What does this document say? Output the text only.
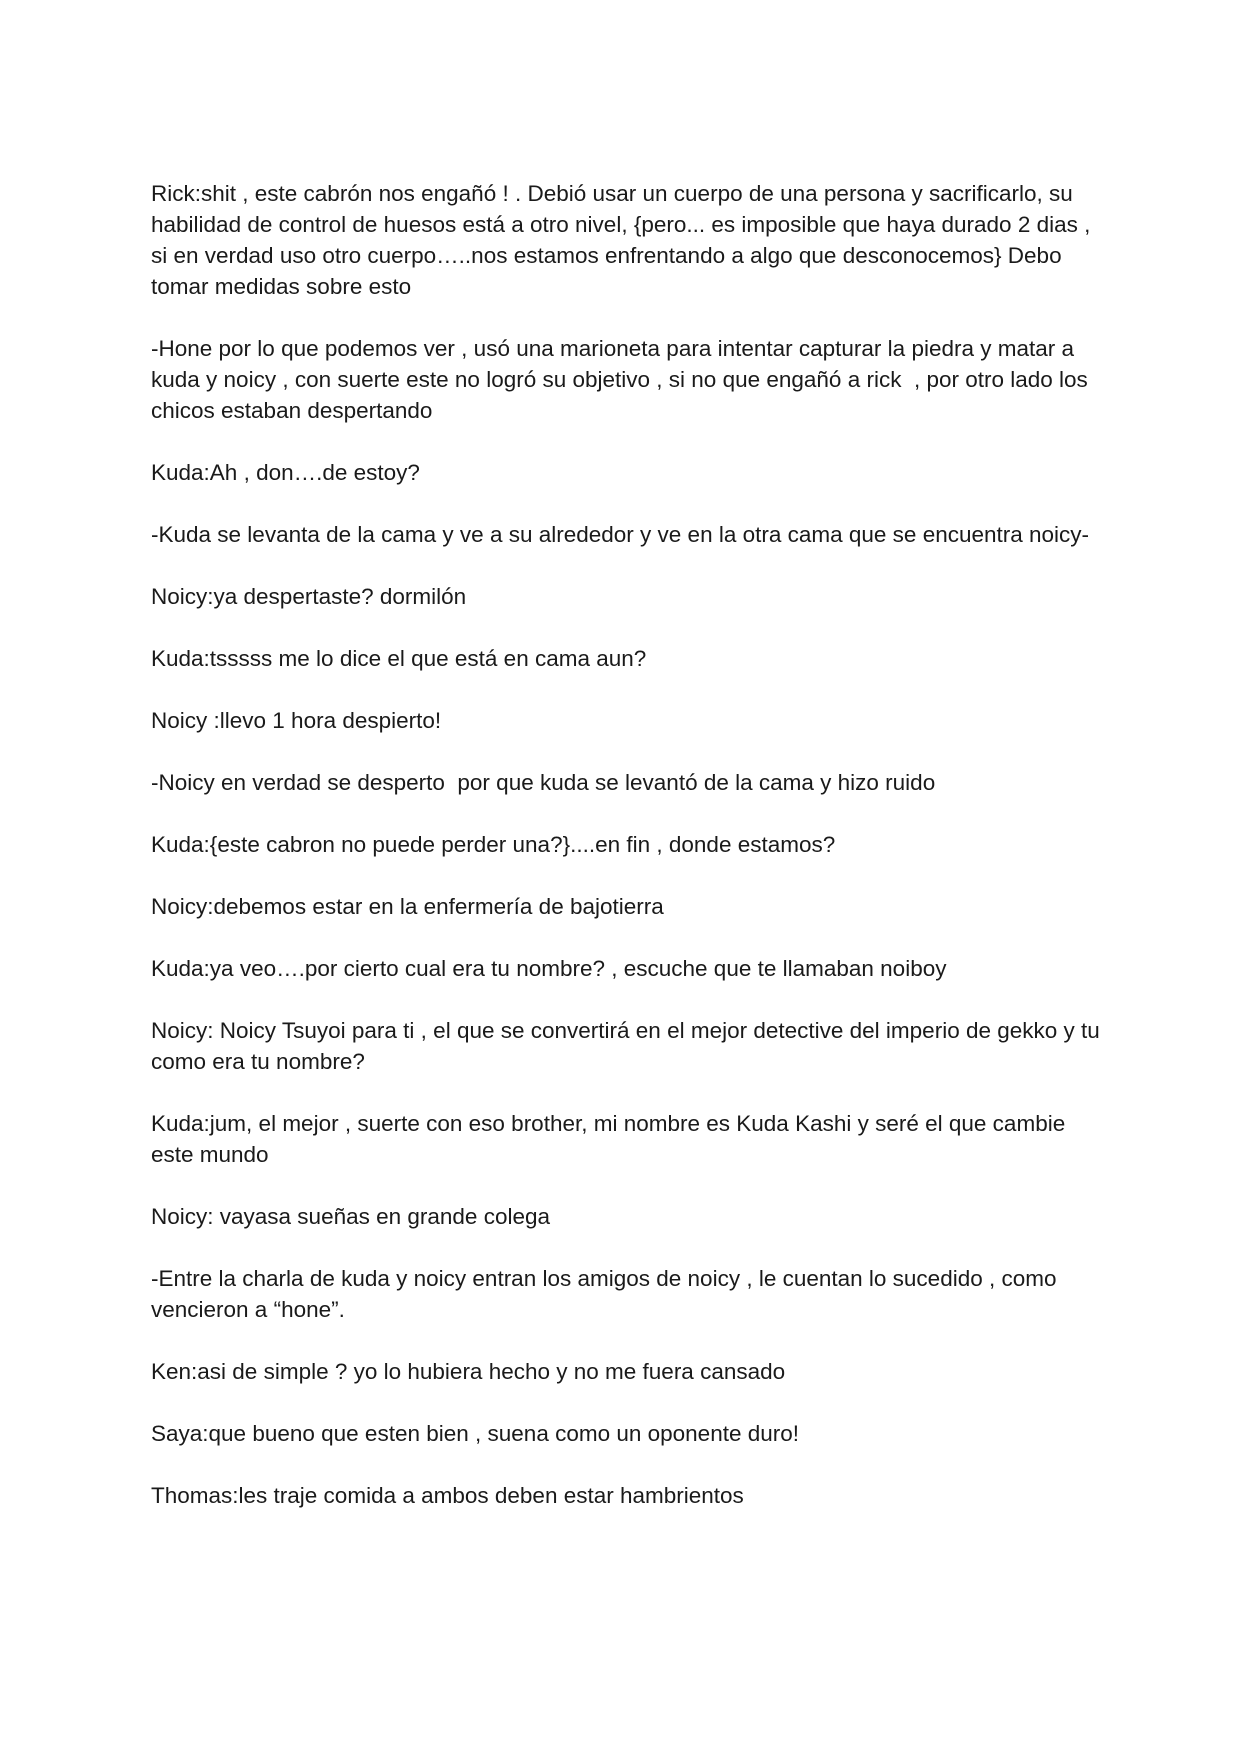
Rick:shit , este cabrón nos engañó ! . Debió usar un cuerpo de una persona y sacrificarlo, su habilidad de control de huesos está a otro nivel, {pero... es imposible que haya durado 2 dias , si en verdad uso otro cuerpo…..nos estamos enfrentando a algo que desconocemos} Debo tomar medidas sobre esto

-Hone por lo que podemos ver , usó una marioneta para intentar capturar la piedra y matar a kuda y noicy , con suerte este no logró su objetivo , si no que engañó a rick  , por otro lado los chicos estaban despertando

Kuda:Ah , don….de estoy?

-Kuda se levanta de la cama y ve a su alrededor y ve en la otra cama que se encuentra noicy-

Noicy:ya despertaste? dormilón

Kuda:tsssss me lo dice el que está en cama aun?

Noicy :llevo 1 hora despierto!

-Noicy en verdad se desperto  por que kuda se levantó de la cama y hizo ruido

Kuda:{este cabron no puede perder una?}....en fin , donde estamos?

Noicy:debemos estar en la enfermería de bajotierra

Kuda:ya veo….por cierto cual era tu nombre? , escuche que te llamaban noiboy

Noicy: Noicy Tsuyoi para ti , el que se convertirá en el mejor detective del imperio de gekko y tu como era tu nombre?

Kuda:jum, el mejor , suerte con eso brother, mi nombre es Kuda Kashi y seré el que cambie este mundo

Noicy: vayasa sueñas en grande colega

-Entre la charla de kuda y noicy entran los amigos de noicy , le cuentan lo sucedido , como vencieron a “hone”.

Ken:asi de simple ? yo lo hubiera hecho y no me fuera cansado

Saya:que bueno que esten bien , suena como un oponente duro!

Thomas:les traje comida a ambos deben estar hambrientos
